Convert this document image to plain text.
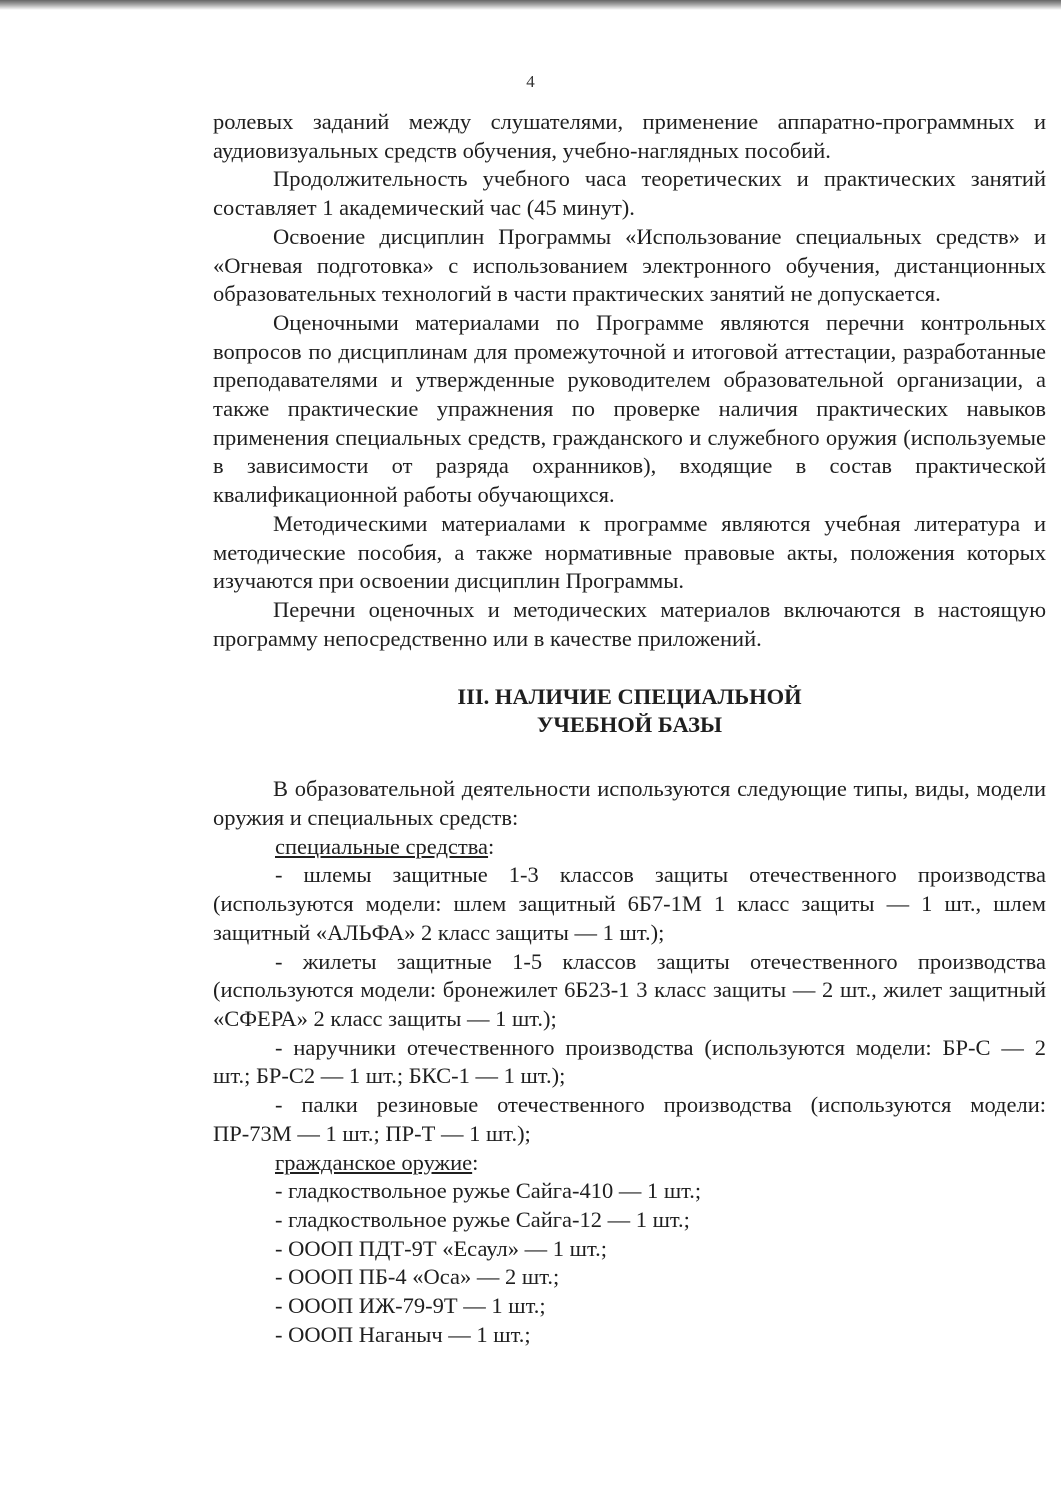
4

ролевых заданий между слушателями, применение аппаратно-программных и аудиовизуальных средств обучения, учебно-наглядных пособий.

Продолжительность учебного часа теоретических и практических занятий составляет 1 академический час (45 минут).

Освоение дисциплин Программы «Использование специальных средств» и «Огневая подготовка» с использованием электронного обучения, дистанционных образовательных технологий в части практических занятий не допускается.

Оценочными материалами по Программе являются перечни контрольных вопросов по дисциплинам для промежуточной и итоговой аттестации, разработанные преподавателями и утвержденные руководителем образовательной организации, а также практические упражнения по проверке наличия практических навыков применения специальных средств, гражданского и служебного оружия (используемые в зависимости от разряда охранников), входящие в состав практической квалификационной работы обучающихся.

Методическими материалами к программе являются учебная литература и методические пособия, а также нормативные правовые акты, положения которых изучаются при освоении дисциплин Программы.

Перечни оценочных и методических материалов включаются в настоящую программу непосредственно или в качестве приложений.

III. НАЛИЧИЕ СПЕЦИАЛЬНОЙ

УЧЕБНОЙ БАЗЫ

В образовательной деятельности используются следующие типы, виды, модели оружия и специальных средств:

специальные средства:

- шлемы защитные 1-3 классов защиты отечественного производства (используются модели: шлем защитный 6Б7-1М 1 класс защиты — 1 шт., шлем защитный «АЛЬФА» 2 класс защиты — 1 шт.);

- жилеты защитные 1-5 классов защиты отечественного производства (используются модели: бронежилет 6Б23-1 3 класс защиты — 2 шт., жилет защитный «СФЕРА» 2 класс защиты — 1 шт.);

- наручники отечественного производства (используются модели: БР-С — 2 шт.; БР-С2 — 1 шт.; БКС-1 — 1 шт.);

- палки резиновые отечественного производства (используются модели: ПР-73М — 1 шт.; ПР-Т — 1 шт.);

гражданское оружие:

- гладкоствольное ружье Сайга-410 — 1 шт.;

- гладкоствольное ружье Сайга-12 — 1 шт.;

- ОООП ПДТ-9Т «Есаул» — 1 шт.;

- ОООП ПБ-4 «Оса» — 2 шт.;

- ОООП ИЖ-79-9Т — 1 шт.;

- ОООП Наганыч — 1 шт.;
